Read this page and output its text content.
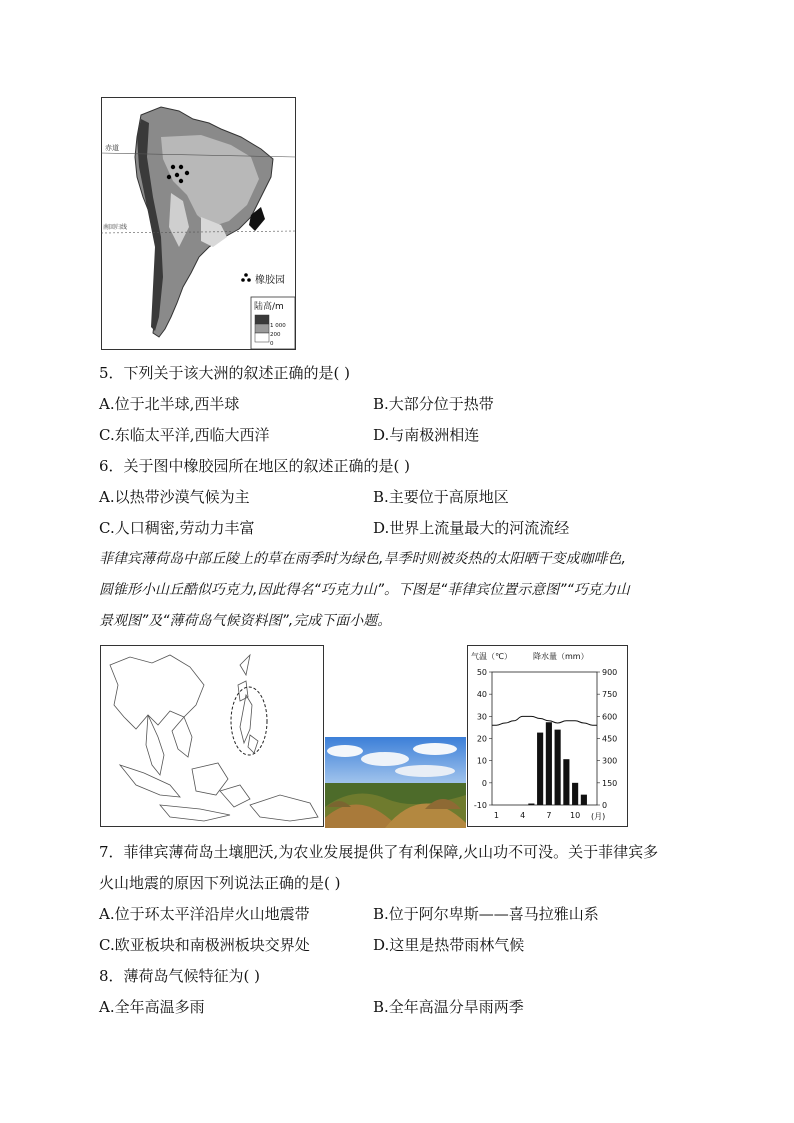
赤道
南回归线
橡胶园
陆高/m
1 000
200
0
5．下列关于该大洲的叙述正确的是( )
A.位于北半球,西半球	B.大部分位于热带
C.东临太平洋,西临大西洋	D.与南极洲相连
6．关于图中橡胶园所在地区的叙述正确的是( )
A.以热带沙漠气候为主	B.主要位于高原地区
C.人口稠密,劳动力丰富	D.世界上流量最大的河流流经
菲律宾薄荷岛中部丘陵上的草在雨季时为绿色,旱季时则被炎热的太阳晒干变成咖啡色,
圆锥形小山丘酷似巧克力,因此得名“巧克力山”。下图是“菲律宾位置示意图”“巧克力山
景观图”及“薄荷岛气候资料图”,完成下面小题。
气温（℃）	降水量（mm）
50
40
30
20
10
0
-10
900
750
600
450
300
150
0
1	4	7 10 (月)
7．菲律宾薄荷岛土壤肥沃,为农业发展提供了有利保障,火山功不可没。关于菲律宾多
火山地震的原因下列说法正确的是( )
A.位于环太平洋沿岸火山地震带	B.位于阿尔卑斯——喜马拉雅山系
C.欧亚板块和南极洲板块交界处	D.这里是热带雨林气候
8．薄荷岛气候特征为( )
A.全年高温多雨	B.全年高温分旱雨两季
